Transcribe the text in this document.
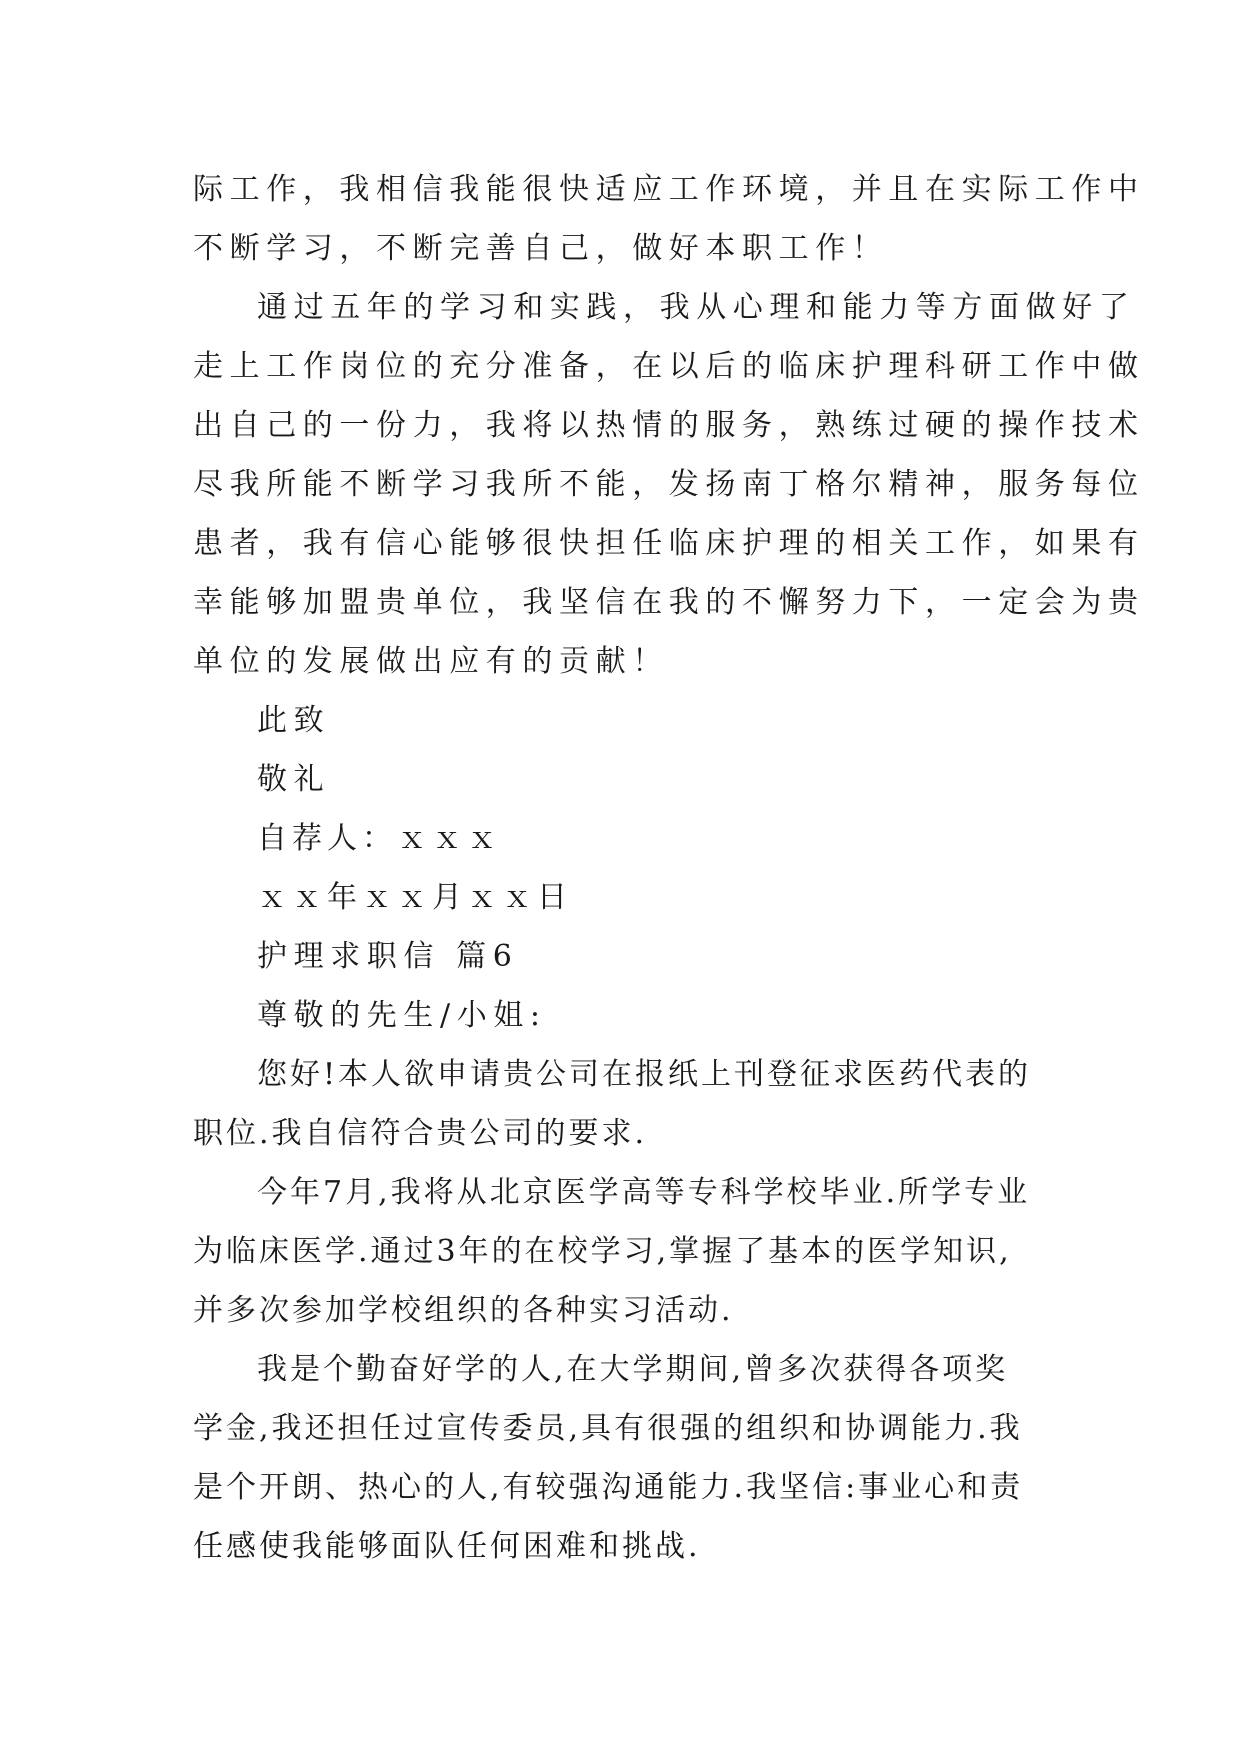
际工作，我相信我能很快适应工作环境，并且在实际工作中
不断学习，不断完善自己，做好本职工作！
通过五年的学习和实践，我从心理和能力等方面做好了
走上工作岗位的充分准备，在以后的临床护理科研工作中做
出自己的一份力，我将以热情的服务，熟练过硬的操作技术
尽我所能不断学习我所不能，发扬南丁格尔精神，服务每位
患者，我有信心能够很快担任临床护理的相关工作，如果有
幸能够加盟贵单位，我坚信在我的不懈努力下，一定会为贵
单位的发展做出应有的贡献！
此致
敬礼
自荐人：ｘｘｘ
ｘｘ年ｘｘ月ｘｘ日
护理求职信 篇6
尊敬的先生/小姐:
您好!本人欲申请贵公司在报纸上刊登征求医药代表的
职位.我自信符合贵公司的要求.
今年7月,我将从北京医学高等专科学校毕业.所学专业
为临床医学.通过3年的在校学习,掌握了基本的医学知识,
并多次参加学校组织的各种实习活动.
我是个勤奋好学的人,在大学期间,曾多次获得各项奖
学金,我还担任过宣传委员,具有很强的组织和协调能力.我
是个开朗、热心的人,有较强沟通能力.我坚信:事业心和责
任感使我能够面队任何困难和挑战.
